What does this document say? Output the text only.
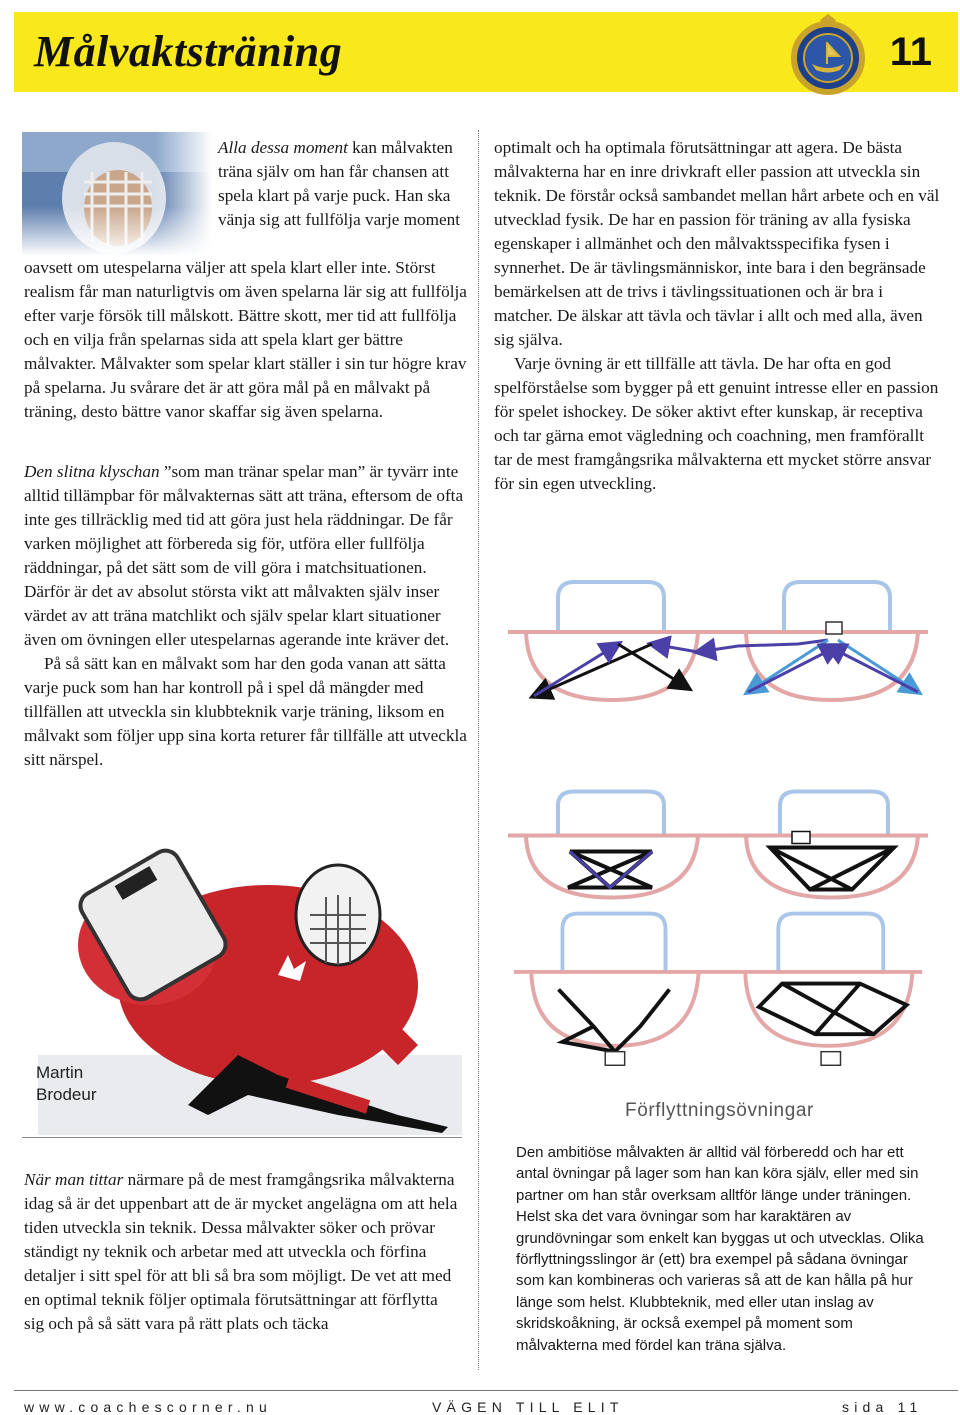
Målvaktsträning	11

Alla dessa moment kan målvakten träna själv om han får chansen att spela klart på varje puck. Han ska vänja sig att fullfölja varje moment

oavsett om utespelarna väljer att spela klart eller inte. Störst realism får man naturligtvis om även spelarna lär sig att fullfölja efter varje försök till målskott. Bättre skott, mer tid att fullfölja och en vilja från spelarnas sida att spela klart ger bättre målvakter. Målvakter som spelar klart ställer i sin tur högre krav på spelarna. Ju svårare det är att göra mål på en målvakt på träning, desto bättre vanor skaffar sig även spelarna.

Den slitna klyschan ”som man tränar spelar man” är tyvärr inte alltid tillämpbar för målvakternas sätt att träna, eftersom de ofta inte ges tillräcklig med tid att göra just hela räddningar. De får varken möjlighet att förbereda sig för, utföra eller fullfölja räddningar, på det sätt som de vill göra i matchsituationen. Därför är det av absolut största vikt att målvakten själv inser värdet av att träna matchlikt och själv spelar klart situationer även om övningen eller utespelarnas agerande inte kräver det.

På så sätt kan en målvakt som har den goda vanan att sätta varje puck som han har kontroll på i spel då mängder med tillfällen att utveckla sin klubbteknik varje träning, liksom en målvakt som följer upp sina korta returer får tillfälle att utveckla sitt närspel.

Martin
Brodeur

När man tittar närmare på de mest framgångsrika målvakterna idag så är det uppenbart att de är mycket angelägna om att hela tiden utveckla sin teknik. Dessa målvakter söker och prövar ständigt ny teknik och arbetar med att utveckla och förfina detaljer i sitt spel för att bli så bra som möjligt. De vet att med en optimal teknik följer optimala förutsättningar att förflytta sig och på så sätt vara på rätt plats och täcka

optimalt och ha optimala förutsättningar att agera. De bästa målvakterna har en inre drivkraft eller passion att utveckla sin teknik. De förstår också sambandet mellan hårt arbete och en väl utvecklad fysik. De har en passion för träning av alla fysiska egenskaper i allmänhet och den målvaktsspecifika fysen i synnerhet. De är tävlingsmänniskor, inte bara i den begränsade bemärkelsen att de trivs i tävlingssituationen och är bra i matcher. De älskar att tävla och tävlar i allt och med alla, även sig själva.

Varje övning är ett tillfälle att tävla. De har ofta en god spelförståelse som bygger på ett genuint intresse eller en passion för spelet ishockey. De söker aktivt efter kunskap, är receptiva och tar gärna emot vägledning och coachning, men framförallt tar de mest framgångsrika målvakterna ett mycket större ansvar för sin egen utveckling.

Förflyttningsövningar
Den ambitiöse målvakten är alltid väl förberedd och har ett antal övningar på lager som han kan köra själv, eller med sin partner om han står overksam alltför länge under träningen. Helst ska det vara övningar som har karaktären av grundövningar som enkelt kan byggas ut och utvecklas. Olika förflyttningsslingor är (ett) bra exempel på sådana övningar som kan kombineras och varieras så att de kan hålla på hur länge som helst. Klubbteknik, med eller utan inslag av skridskoåkning, är också exempel på moment som målvakterna med fördel kan träna själva.
www.coachescorner.nu	VÄGEN TILL ELIT	sida 11
